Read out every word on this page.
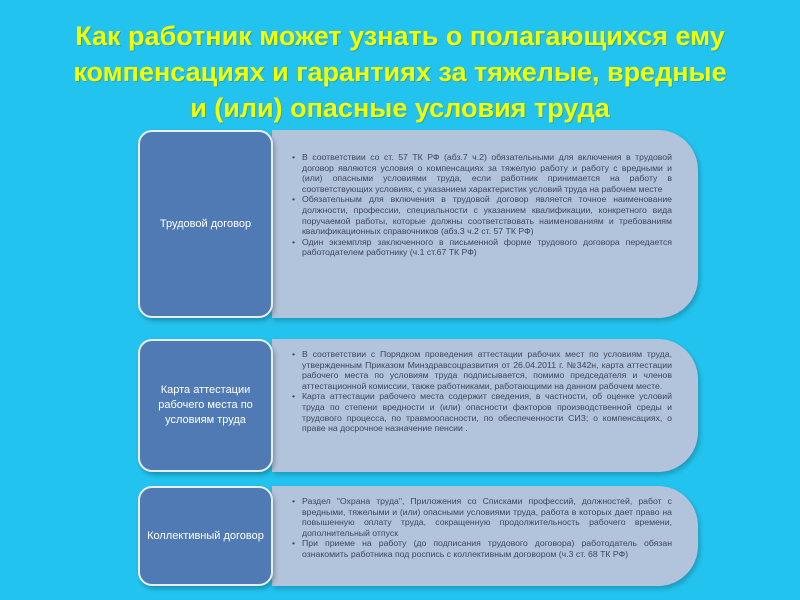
Как работник может узнать о полагающихся ему
компенсациях и гарантиях за тяжелые, вредные
и (или) опасные условия труда
Трудовой договор
• В соответствии со ст. 57 ТК РФ (абз.7 ч.2) обязательными для включения в трудовой договор являются условия о компенсациях за тяжелую работу и работу с вредными и (или) опасными условиями труда, если работник принимается на работу в соответствующих условиях, с указанием характеристик условий труда на рабочем месте
• Обязательным для включения в трудовой договор является точное наименование должности, профессии, специальности с указанием квалификации, конкретного вида поручаемой работы, которые должны соответствовать наименованиям и требованиям квалификационных справочников (абз.3 ч.2 ст. 57 ТК РФ)
• Один экземпляр заключенного в письменной форме трудового договора передается работодателем работнику (ч.1 ст.67 ТК РФ)
Карта аттестации рабочего места по условиям труда
• В соответствии с Порядком проведения аттестации рабочих мест по условиям труда, утвержденным Приказом Минздравсоцразвития от 26.04.2011 г. №342н, карта аттестации рабочего места по условиям труда подписывается, помимо председателя и членов аттестационной комиссии, также работниками, работающими на данном рабочем месте.
• Карта аттестации рабочего места содержит сведения, в частности, об оценке условий труда по степени вредности и (или) опасности факторов производственной среды и трудового процесса, по травмоопасности, по обеспеченности СИЗ; о компенсациях, о праве на досрочное назначение пенсии .
Коллективный договор
• Раздел "Охрана труда", Приложения со Списками профессий, должностей, работ с вредными, тяжелыми и (или) опасными условиями труда, работа в которых дает право на повышенную оплату труда, сокращенную продолжительность рабочего времени, дополнительный отпуск
• При приеме на работу (до подписания трудового договора) работодатель обязан ознакомить работника под роспись с коллективным договором (ч.3 ст. 68 ТК РФ)
